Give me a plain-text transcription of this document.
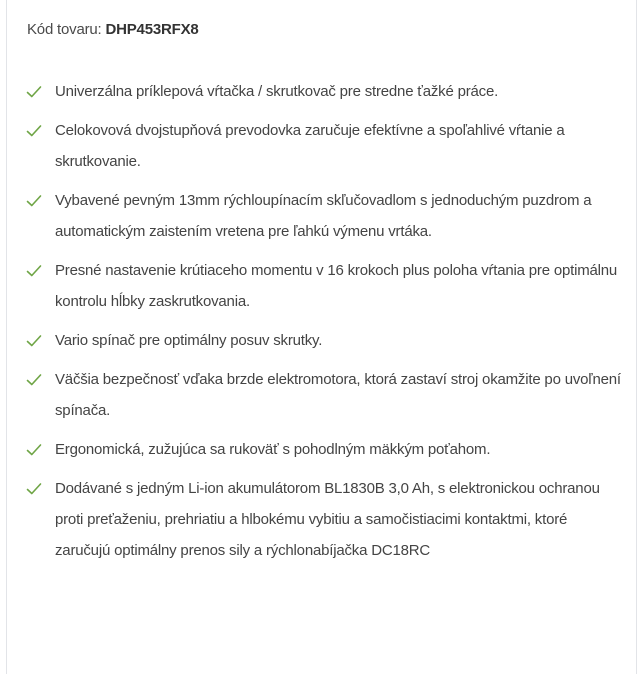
Kód tovaru: DHP453RFX8
Univerzálna príklepová vŕtačka / skrutkovač pre stredne ťažké práce.
Celokovová dvojstupňová prevodovka zaručuje efektívne a spoľahlivé vŕtanie a skrutkovanie.
Vybavené pevným 13mm rýchloupínacím skľučovadlom s jednoduchým puzdrom a automatickým zaistením vretena pre ľahkú výmenu vrtáka.
Presné nastavenie krútiaceho momentu v 16 krokoch plus poloha vŕtania pre optimálnu kontrolu hĺbky zaskrutkovania.
Vario spínač pre optimálny posuv skrutky.
Väčšia bezpečnosť vďaka brzde elektromotora, ktorá zastaví stroj okamžite po uvoľnení spínača.
Ergonomická, zužujúca sa rukoväť s pohodlným mäkkým poťahom.
Dodávané s jedným Li-ion akumulátorom BL1830B 3,0 Ah, s elektronickou ochranou proti preťaženiu, prehriatiu a hlbokému vybitiu a samočistiacimi kontaktmi, ktoré zaručujú optimálny prenos sily a rýchlonabíjačka DC18RC
